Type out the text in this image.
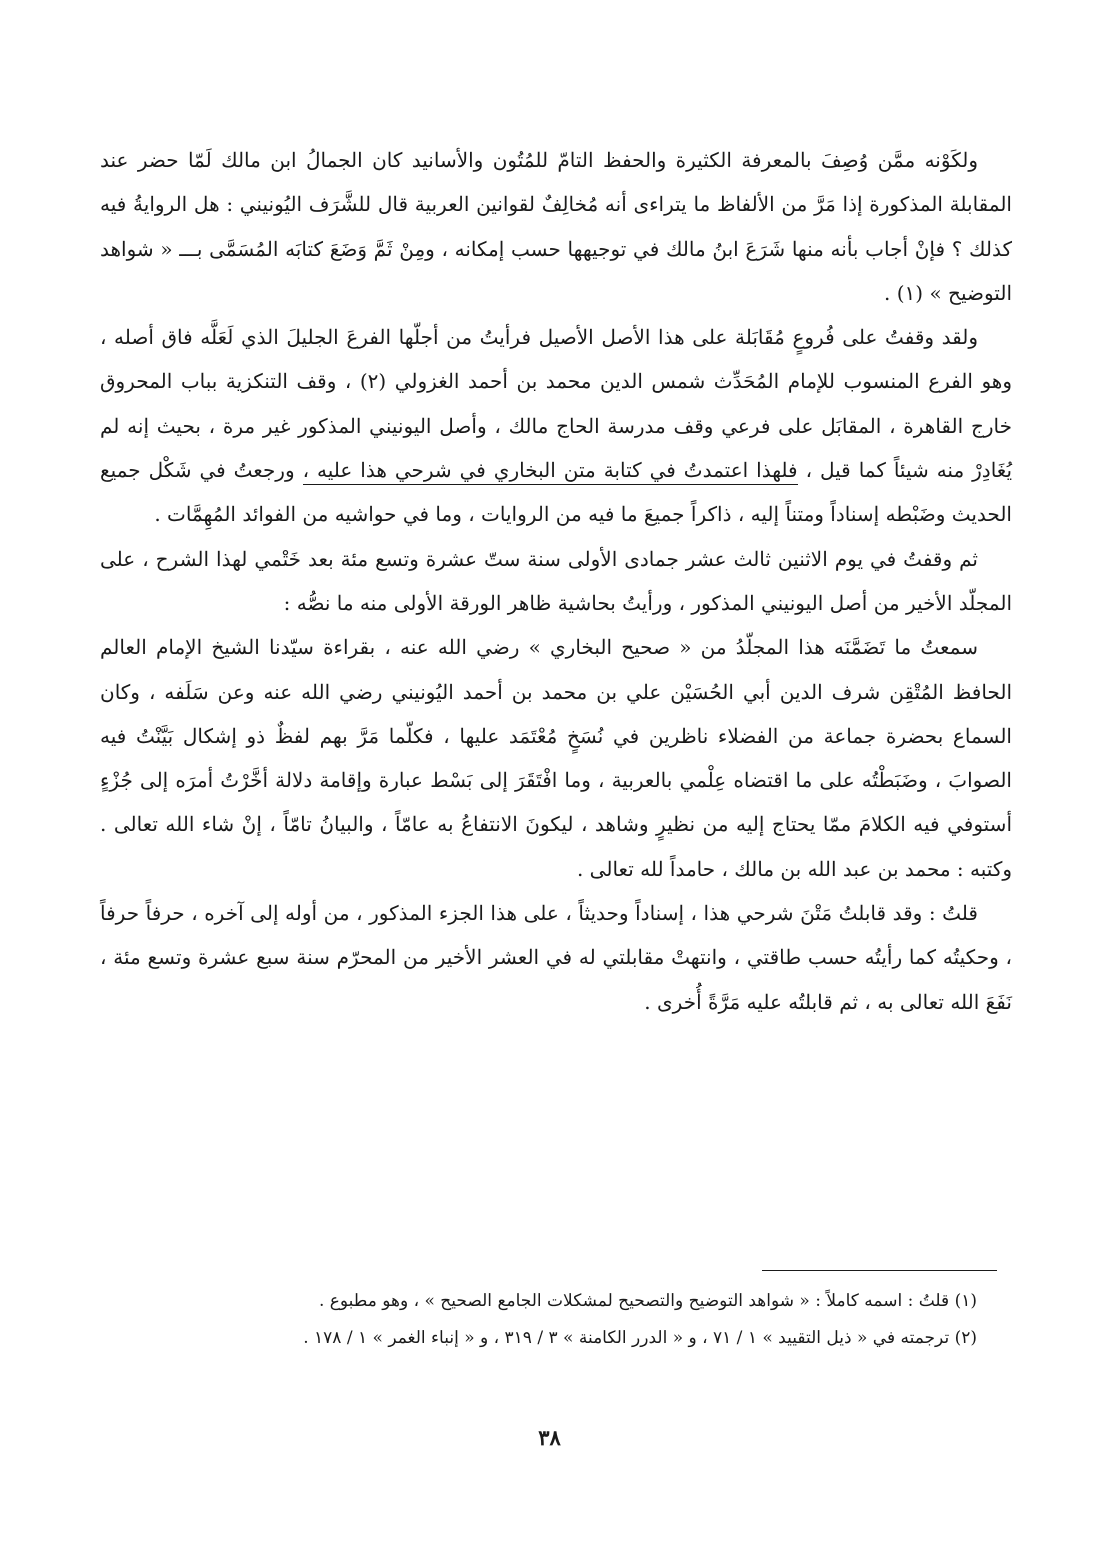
ولكَوْنه ممَّن وُصِفَ بالمعرفة الكثيرة والحفظ التامّ للمُتُون والأسانيد كان الجمالُ ابن مالك لَمّا حضر عند المقابلة المذكورة إذا مَرَّ من الألفاظ ما يتراءى أنه مُخالِفٌ لقوانين العربية قال للشَّرَف اليُونيني : هل الروايةُ فيه كذلك ؟ فإنْ أجاب بأنه منها شَرَعَ ابنُ مالك في توجيهها حسب إمكانه ، ومِنْ ثَمَّ وَضَعَ كتابَه المُسَمَّى بـــ « شواهد التوضيح » (١) .

ولقد وقفتُ على فُروعٍ مُقَابَلة على هذا الأصل الأصيل فرأيتُ من أجلّها الفرعَ الجليلَ الذي لَعَلَّه فاق أصله ، وهو الفرع المنسوب للإمام المُحَدِّث شمس الدين محمد بن أحمد الغزولي (٢) ، وقف التنكزية بباب المحروق خارج القاهرة ، المقابَل على فرعي وقف مدرسة الحاج مالك ، وأصل اليونيني المذكور غير مرة ، بحيث إنه لم يُغَادِرْ منه شيئاً كما قيل ، فلهذا اعتمدتُ في كتابة متن البخاري في شرحي هذا عليه ، ورجعتُ في شَكْل جميع الحديث وضَبْطه إسناداً ومتناً إليه ، ذاكراً جميعَ ما فيه من الروايات ، وما في حواشيه من الفوائد المُهِمَّات .

ثم وقفتُ في يوم الاثنين ثالث عشر جمادى الأولى سنة ستّ عشرة وتسع مئة بعد خَتْمي لهذا الشرح ، على المجلّد الأخير من أصل اليونيني المذكور ، ورأيتُ بحاشية ظاهر الورقة الأولى منه ما نصُّه :

سمعتُ ما تَضَمَّنَه هذا المجلّدُ من « صحيح البخاري » رضي الله عنه ، بقراءة سيّدنا الشيخ الإمام العالم الحافظ المُتْقِن شرف الدين أبي الحُسَيْن علي بن محمد بن أحمد اليُونيني رضي الله عنه وعن سَلَفه ، وكان السماع بحضرة جماعة من الفضلاء ناظرين في نُسَخٍ مُعْتَمَد عليها ، فكلّما مَرَّ بهم لفظٌ ذو إشكال بَيَّنْتُ فيه الصوابَ ، وضَبَطْتُه على ما اقتضاه عِلْمي بالعربية ، وما افْتَقَرَ إلى بَسْط عبارة وإقامة دلالة أخَّرْتُ أمرَه إلى جُزْءٍ أستوفي فيه الكلامَ ممّا يحتاج إليه من نظيرٍ وشاهد ، ليكونَ الانتفاعُ به عامّاً ، والبيانُ تامّاً ، إنْ شاء الله تعالى . وكتبه : محمد بن عبد الله بن مالك ، حامداً لله تعالى .

قلتُ : وقد قابلتُ مَتْنَ شرحي هذا ، إسناداً وحديثاً ، على هذا الجزء المذكور ، من أوله إلى آخره ، حرفاً حرفاً ، وحكيتُه كما رأيتُه حسب طاقتي ، وانتهتْ مقابلتي له في العشر الأخير من المحرّم سنة سبع عشرة وتسع مئة ، نَفَعَ الله تعالى به ، ثم قابلتُه عليه مَرَّةً أُخرى .

(١) قلتُ : اسمه كاملاً : « شواهد التوضيح والتصحيح لمشكلات الجامع الصحيح » ، وهو مطبوع .

(٢) ترجمته في « ذيل التقييد » ١ / ٧١ ، و « الدرر الكامنة » ٣ / ٣١٩ ، و « إنباء الغمر » ١ / ١٧٨ .

٣٨
